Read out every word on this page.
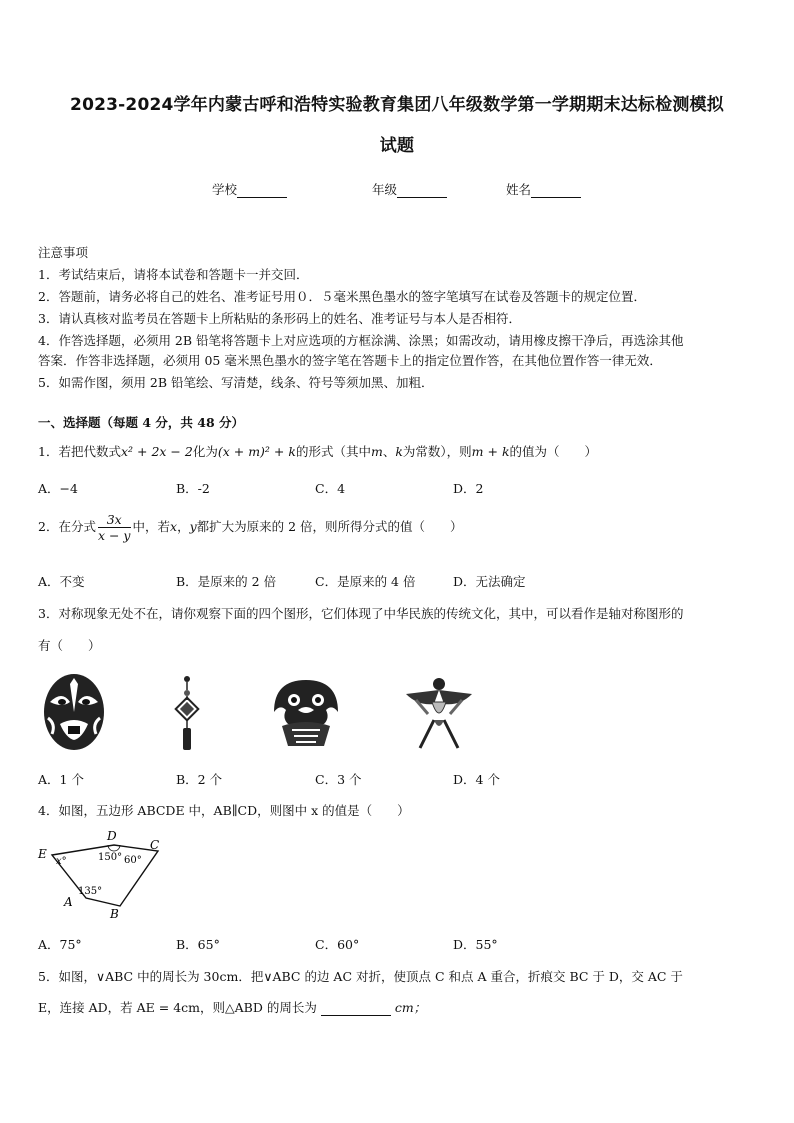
2023-2024学年内蒙古呼和浩特实验教育集团八年级数学第一学期期末达标检测模拟
试题
学校	年级	姓名
注意事项
1．考试结束后，请将本试卷和答题卡一并交回．
2．答题前，请务必将自己的姓名、准考证号用０．５毫米黑色墨水的签字笔填写在试卷及答题卡的规定位置．
3．请认真核对监考员在答题卡上所粘贴的条形码上的姓名、准考证号与本人是否相符．
4．作答选择题，必须用 2B 铅笔将答题卡上对应选项的方框涂满、涂黑；如需改动，请用橡皮擦干净后，再选涂其他
答案．作答非选择题，必须用 05 毫米黑色墨水的签字笔在答题卡上的指定位置作答，在其他位置作答一律无效．
5．如需作图，须用 2B 铅笔绘、写清楚，线条、符号等须加黑、加粗．
一、选择题（每题 4 分，共 48 分）
1．若把代数式x² + 2x − 2化为(x + m)² + k的形式（其中m、k为常数），则m + k的值为（　　）
A．−4	B．-2	C．4	D．2
2．在分式 $\frac{3x}{x - y}$ 中，若x，y都扩大为原来的 2 倍，则所得分式的值（　　）
A．不变	B．是原来的 2 倍	C．是原来的 4 倍	D．无法确定
3．对称现象无处不在，请你观察下面的四个图形，它们体现了中华民族的传统文化，其中，可以看作是轴对称图形的
有（　　）
A．1 个	B．2 个	C．3 个	D．4 个
4．如图，五边形 ABCDE 中，AB∥CD，则图中 x 的值是（　　）
E
D
C
A
B
x°	150° 60°
135°
A．75°	B．65°	C．60°	D．55°
5．如图，∨ABC 中的周长为 30cm．把∨ABC 的边 AC 对折，使顶点 C 和点 A 重合，折痕交 BC 于 D，交 AC 于
E，连接 AD，若 AE = 4cm，则△ABD 的周长为	cm；
